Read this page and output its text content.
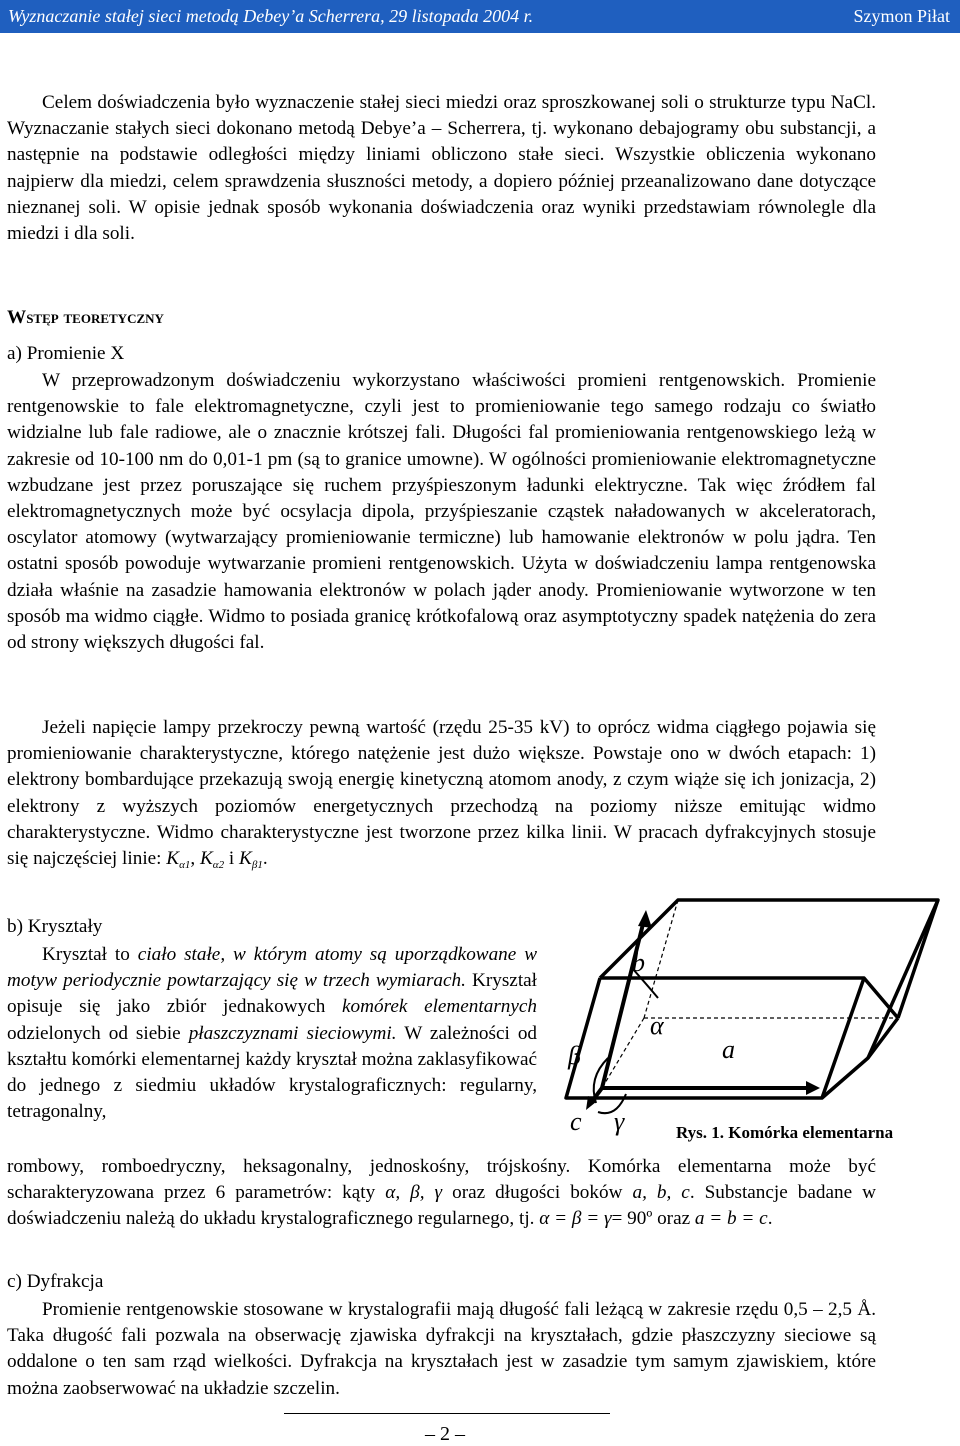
Wyznaczanie stałej sieci metodą Debey’a Scherrera, 29 listopada 2004 r.	Szymon Piłat

Celem doświadczenia było wyznaczenie stałej sieci miedzi oraz sproszkowanej soli o strukturze typu NaCl. Wyznaczanie stałych sieci dokonano metodą Debye’a – Scherrera, tj. wykonano debajogramy obu substancji, a następnie na podstawie odległości między liniami obliczono stałe sieci. Wszystkie obliczenia wykonano najpierw dla miedzi, celem sprawdzenia słuszności metody, a dopiero później przeanalizowano dane dotyczące nieznanej soli. W opisie jednak sposób wykonania doświadczenia oraz wyniki przedstawiam równolegle dla miedzi i dla soli.

Wstęp teoretyczny
a) Promienie X

W przeprowadzonym doświadczeniu wykorzystano właściwości promieni rentgenowskich. Promienie rentgenowskie to fale elektromagnetyczne, czyli jest to promieniowanie tego samego rodzaju co światło widzialne lub fale radiowe, ale o znacznie krótszej fali. Długości fal promieniowania rentgenowskiego leżą w zakresie od 10-100 nm do 0,01-1 pm (są to granice umowne). W ogólności promieniowanie elektromagnetyczne wzbudzane jest przez poruszające się ruchem przyśpieszonym ładunki elektryczne. Tak więc źródłem fal elektromagnetycznych może być ocsylacja dipola, przyśpieszanie cząstek naładowanych w akceleratorach, oscylator atomowy (wytwarzający promieniowanie termiczne) lub hamowanie elektronów w polu jądra. Ten ostatni sposób powoduje wytwarzanie promieni rentgenowskich. Użyta w doświadczeniu lampa rentgenowska działa właśnie na zasadzie hamowania elektronów w polach jąder anody. Promieniowanie wytworzone w ten sposób ma widmo ciągłe. Widmo to posiada granicę krótkofalową oraz asymptotyczny spadek natężenia do zera od strony większych długości fal.

Jeżeli napięcie lampy przekroczy pewną wartość (rzędu 25-35 kV) to oprócz widma ciągłego pojawia się promieniowanie charakterystyczne, którego natężenie jest dużo większe. Powstaje ono w dwóch etapach: 1) elektrony bombardujące przekazują swoją energię kinetyczną atomom anody, z czym wiąże się ich jonizacja, 2) elektrony z wyższych poziomów energetycznych przechodzą na poziomy niższe emitując widmo charakterystyczne. Widmo charakterystyczne jest tworzone przez kilka linii. W pracach dyfrakcyjnych stosuje się najczęściej linie: $K_{\alpha 1}$, $K_{\alpha 2}$ i $K_{\beta 1}$.

b) Kryształy

Kryształ to ciało stałe, w którym atomy są uporządkowane w motyw periodycznie powtarzający się w trzech wymiarach. Kryształ opisuje się jako zbiór jednakowych komórek elementarnych odzielonych od siebie płaszczyznami sieciowymi. W zależności od kształtu komórki elementarnej każdy kryształ można zaklasyfikować do jednego z siedmiu układów krystalograficznych: regularny, tetragonalny,

b
a
c
α
β
γ	Rys. 1. Komórka elementarna

rombowy, romboedryczny, heksagonalny, jednoskośny, trójskośny. Komórka elementarna może być scharakteryzowana przez 6 parametrów: kąty α, β, γ oraz długości boków a, b, c. Substancje badane w doświadczeniu należą do układu krystalograficznego regularnego, tj. α = β = γ= 90º oraz a = b = c.

c) Dyfrakcja

Promienie rentgenowskie stosowane w krystalografii mają długość fali leżącą w zakresie rzędu 0,5 – 2,5 Å. Taka długość fali pozwala na obserwację zjawiska dyfrakcji na kryształach, gdzie płaszczyzny sieciowe są oddalone o ten sam rząd wielkości. Dyfrakcja na kryształach jest w zasadzie tym samym zjawiskiem, które można zaobserwować na układzie szczelin.

– 2 –
